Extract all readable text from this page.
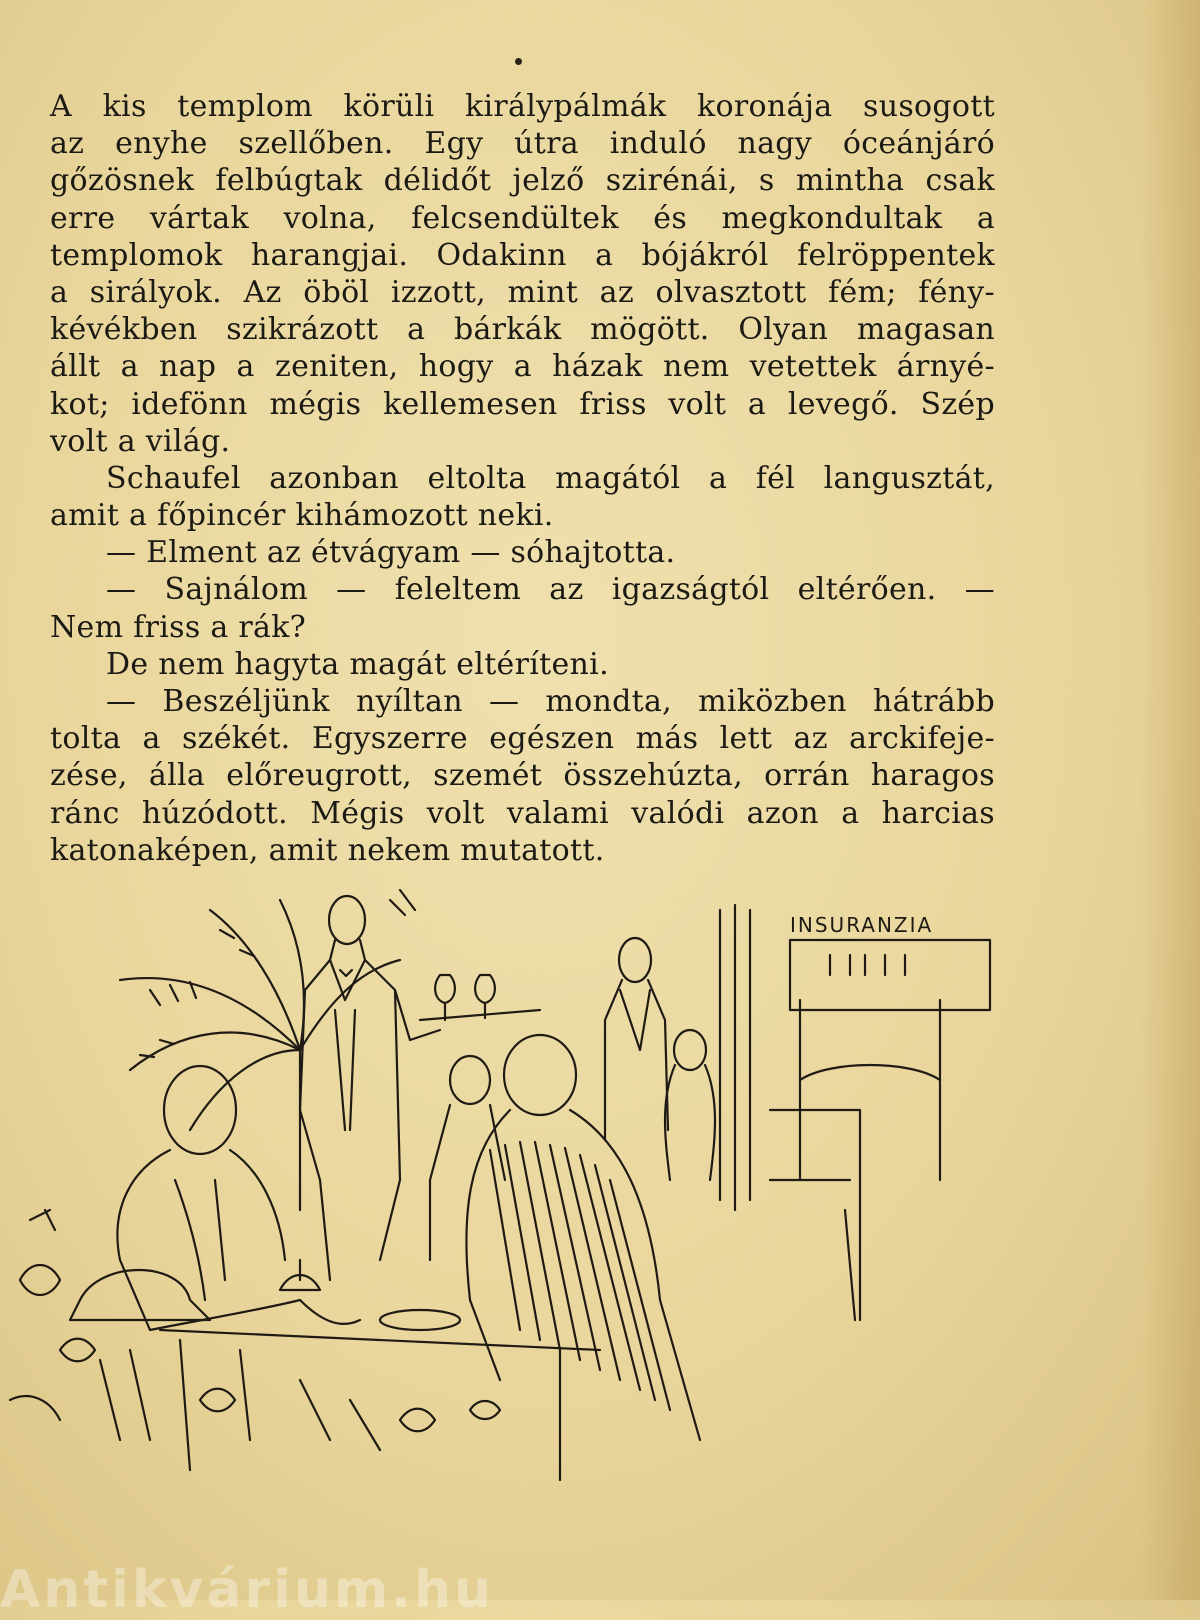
A kis templom körüli királypálmák koronája susogott
az enyhe szellőben. Egy útra induló nagy óceánjáró
gőzösnek felbúgtak délidőt jelző szirénái, s mintha csak
erre vártak volna, felcsendültek és megkondultak a
templomok harangjai. Odakinn a bójákról felröppentek
a sirályok. Az öböl izzott, mint az olvasztott fém; fény-
kévékben szikrázott a bárkák mögött. Olyan magasan
állt a nap a zeniten, hogy a házak nem vetettek árnyé-
kot; idefönn mégis kellemesen friss volt a levegő. Szép
volt a világ.
Schaufel azonban eltolta magától a fél langusztát,
amit a főpincér kihámozott neki.
— Elment az étvágyam — sóhajtotta.
— Sajnálom — feleltem az igazságtól eltérően. —
Nem friss a rák?
De nem hagyta magát eltéríteni.
— Beszéljünk nyíltan — mondta, miközben hátrább
tolta a székét. Egyszerre egészen más lett az arckifeje-
zése, álla előreugrott, szemét összehúzta, orrán haragos
ránc húzódott. Mégis volt valami valódi azon a harcias
katonaképen, amit nekem mutatott.
INSURANZIA
Antikvárium.hu
